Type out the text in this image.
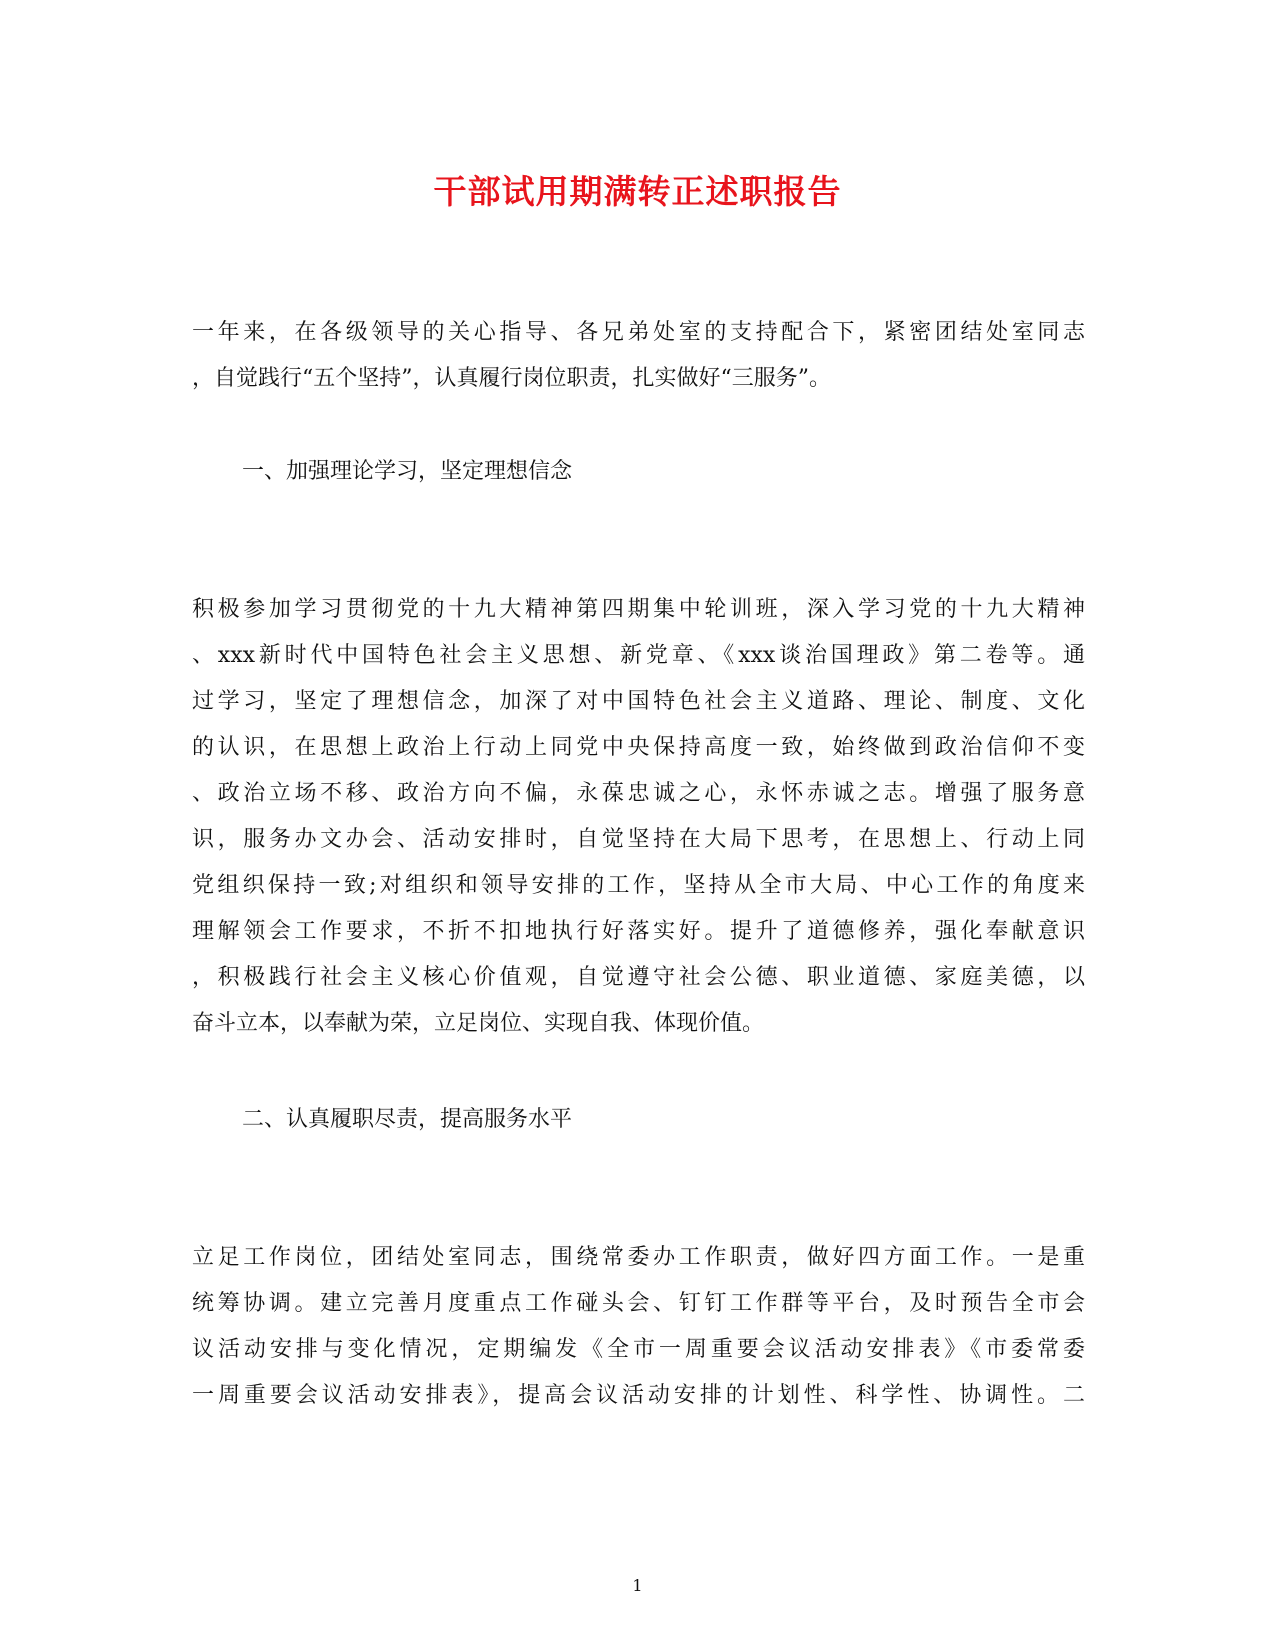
干部试用期满转正述职报告
一年来，在各级领导的关心指导、各兄弟处室的支持配合下，紧密团结处室同志
，自觉践行“五个坚持”，认真履行岗位职责，扎实做好“三服务”。
一、加强理论学习，坚定理想信念
积极参加学习贯彻党的十九大精神第四期集中轮训班，深入学习党的十九大精神
、xxx新时代中国特色社会主义思想、新党章、《xxx谈治国理政》第二卷等。通
过学习，坚定了理想信念，加深了对中国特色社会主义道路、理论、制度、文化
的认识，在思想上政治上行动上同党中央保持高度一致，始终做到政治信仰不变
、政治立场不移、政治方向不偏，永葆忠诚之心，永怀赤诚之志。增强了服务意
识，服务办文办会、活动安排时，自觉坚持在大局下思考，在思想上、行动上同
党组织保持一致;对组织和领导安排的工作，坚持从全市大局、中心工作的角度来
理解领会工作要求，不折不扣地执行好落实好。提升了道德修养，强化奉献意识
，积极践行社会主义核心价值观，自觉遵守社会公德、职业道德、家庭美德，以
奋斗立本，以奉献为荣，立足岗位、实现自我、体现价值。
二、认真履职尽责，提高服务水平
立足工作岗位，团结处室同志，围绕常委办工作职责，做好四方面工作。一是重
统筹协调。建立完善月度重点工作碰头会、钉钉工作群等平台，及时预告全市会
议活动安排与变化情况，定期编发《全市一周重要会议活动安排表》《市委常委
一周重要会议活动安排表》，提高会议活动安排的计划性、科学性、协调性。二
1
